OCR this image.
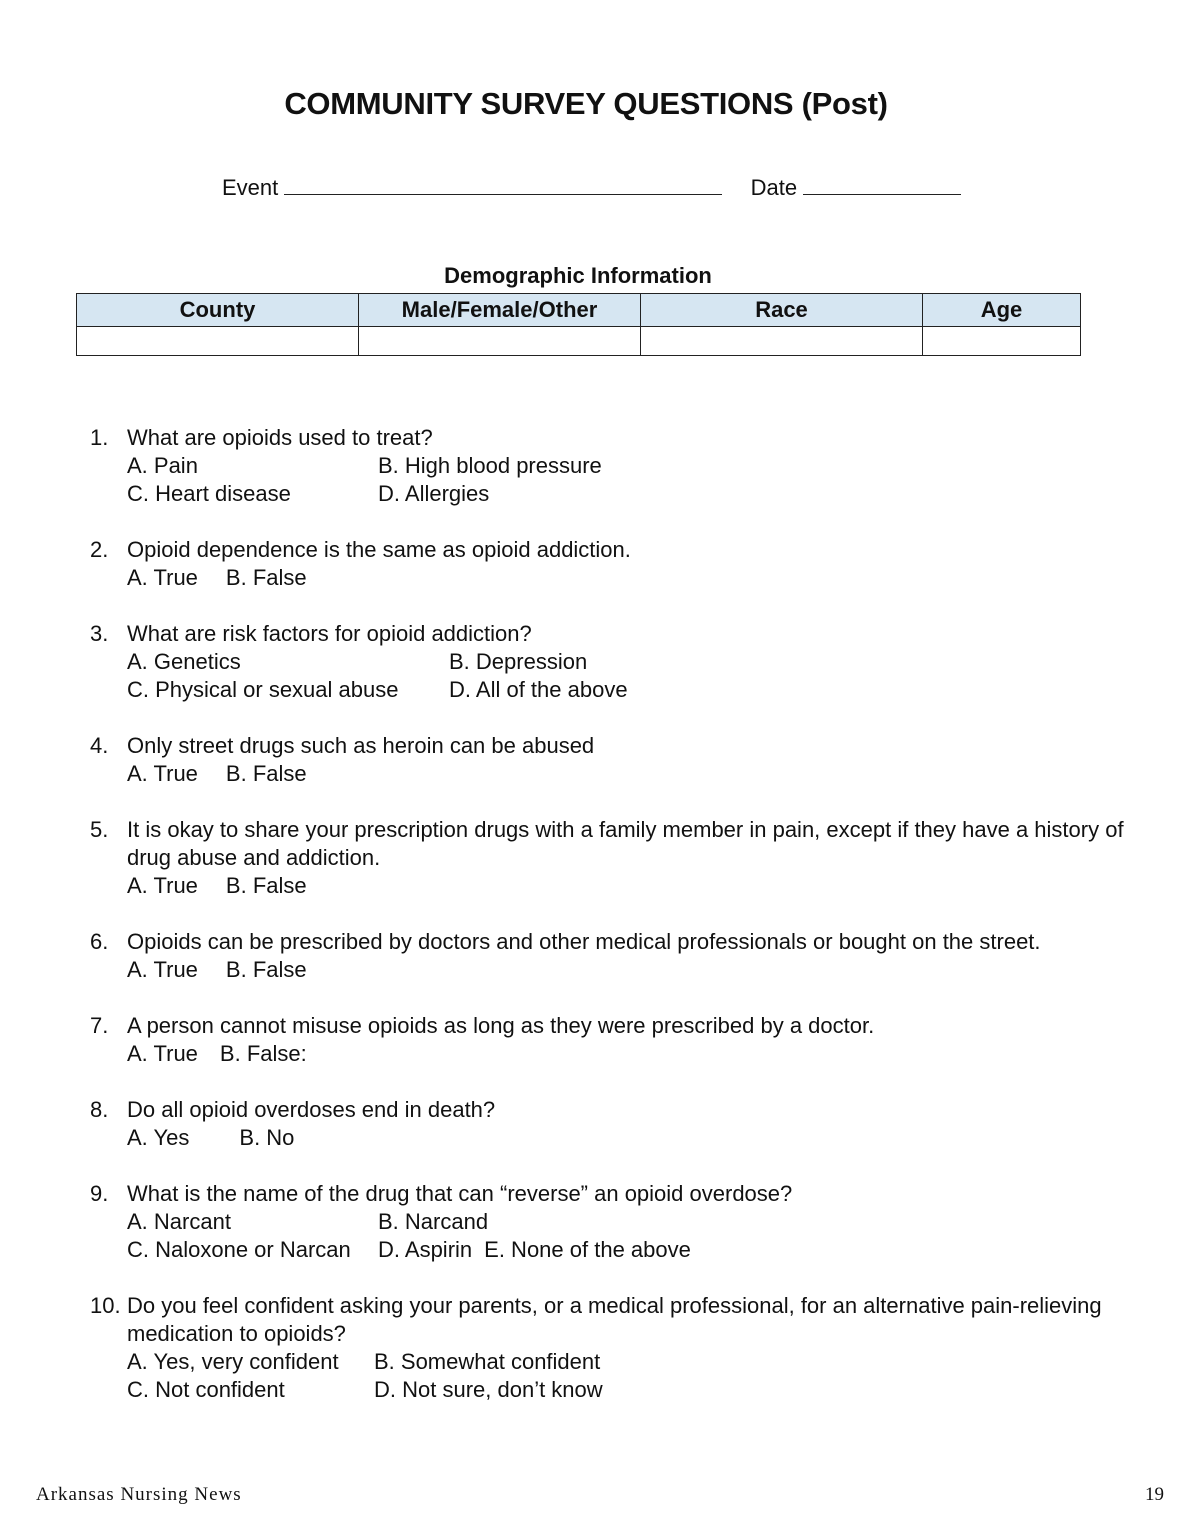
COMMUNITY SURVEY QUESTIONS (Post)
Event	Date
Demographic Information
County	Male/Female/Other	Race	Age

1. What are opioids used to treat?
A. Pain	B. High blood pressure
C. Heart disease	D. Allergies
2. Opioid dependence is the same as opioid addiction.
A. True B. False
3. What are risk factors for opioid addiction?
A. Genetics	B. Depression
C. Physical or sexual abuse	D. All of the above
4. Only street drugs such as heroin can be abused
A. True B. False
5. It is okay to share your prescription drugs with a family member in pain, except if they have a history of drug abuse and addiction.
A. True B. False
6. Opioids can be prescribed by doctors and other medical professionals or bought on the street.
A. True B. False
7. A person cannot misuse opioids as long as they were prescribed by a doctor.
A. True B. False:
8. Do all opioid overdoses end in death?
A. Yes B. No
9. What is the name of the drug that can “reverse” an opioid overdose?
A. Narcant	B. Narcand
C. Naloxone or Narcan	D. Aspirin E. None of the above
10. Do you feel confident asking your parents, or a medical professional, for an alternative pain-relieving medication to opioids?
A. Yes, very confident	B. Somewhat confident
C. Not confident	D. Not sure, don’t know
Arkansas Nursing News	19
